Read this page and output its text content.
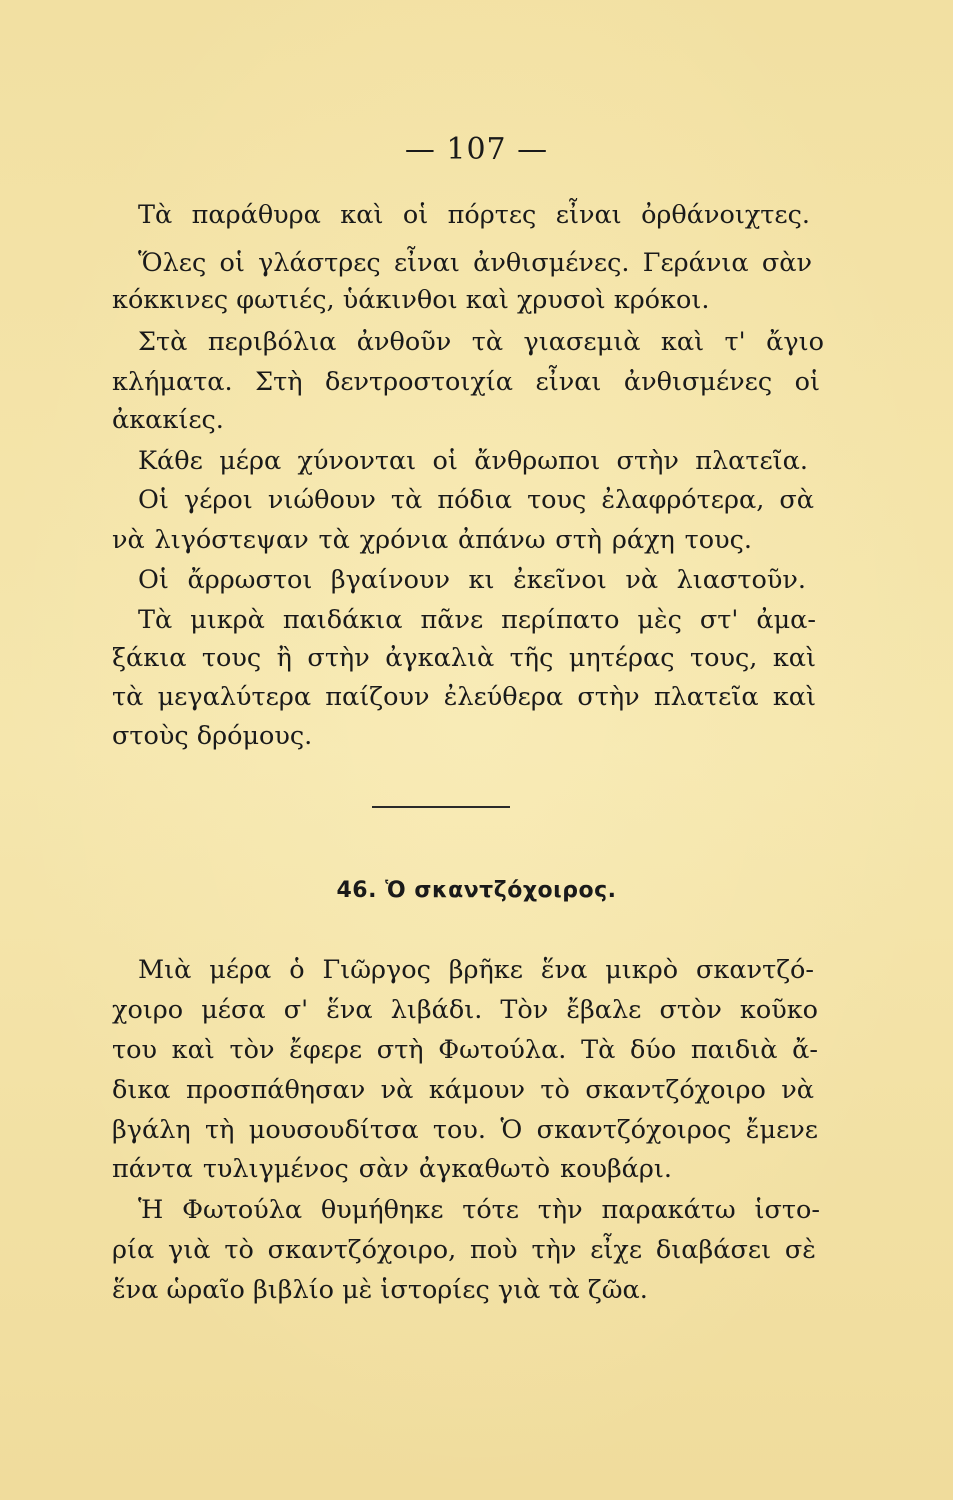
— 107 —
Τὰ παράθυρα καὶ οἱ πόρτες εἶναι ὀρθάνοιχτες.
Ὅλες οἱ γλάστρες εἶναι ἀνθισμένες. Γεράνια σὰν
κόκκινες φωτιές, ὑάκινθοι καὶ χρυσοὶ κρόκοι.
Στὰ περιβόλια ἀνθοῦν τὰ γιασεμιὰ καὶ τ' ἄγιο
κλήματα. Στὴ δεντροστοιχία εἶναι ἀνθισμένες οἱ
ἀκακίες.
Κάθε μέρα χύνονται οἱ ἄνθρωποι στὴν πλατεῖα.
Οἱ γέροι νιώθουν τὰ πόδια τους ἐλαφρότερα, σὰ
νὰ λιγόστεψαν τὰ χρόνια ἀπάνω στὴ ράχη τους.
Οἱ ἄρρωστοι βγαίνουν κι ἐκεῖνοι νὰ λιαστοῦν.
Τὰ μικρὰ παιδάκια πᾶνε περίπατο μὲς στ' ἀμα-
ξάκια τους ἢ στὴν ἀγκαλιὰ τῆς μητέρας τους, καὶ
τὰ μεγαλύτερα παίζουν ἐλεύθερα στὴν πλατεῖα καὶ
στοὺς δρόμους.
46. Ὁ σκαντζόχοιρος.
Μιὰ μέρα ὁ Γιῶργος βρῆκε ἕνα μικρὸ σκαντζό-
χοιρο μέσα σ' ἕνα λιβάδι. Τὸν ἔβαλε στὸν κοῦκο
του καὶ τὸν ἔφερε στὴ Φωτούλα. Τὰ δύο παιδιὰ ἄ-
δικα προσπάθησαν νὰ κάμουν τὸ σκαντζόχοιρο νὰ
βγάλη τὴ μουσουδίτσα του. Ὁ σκαντζόχοιρος ἔμενε
πάντα τυλιγμένος σὰν ἀγκαθωτὸ κουβάρι.
Ἡ Φωτούλα θυμήθηκε τότε τὴν παρακάτω ἱστο-
ρία γιὰ τὸ σκαντζόχοιρο, ποὺ τὴν εἶχε διαβάσει σὲ
ἕνα ὡραῖο βιβλίο μὲ ἱστορίες γιὰ τὰ ζῶα.
